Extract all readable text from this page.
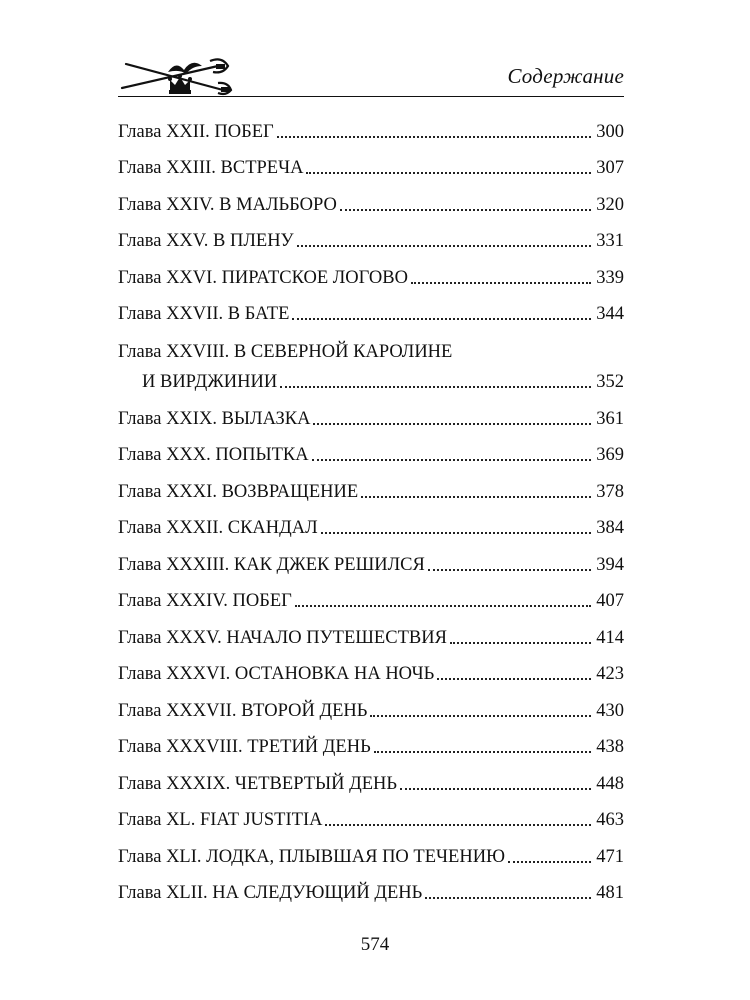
Содержание
Глава XXII. ПОБЕГ	300
Глава XXIII. ВСТРЕЧА	307
Глава XXIV. В МАЛЬБОРО	320
Глава XXV. В ПЛЕНУ	331
Глава XXVI. ПИРАТСКОЕ ЛОГОВО	339
Глава XXVII. В БАТЕ	344
Глава XXVIII. В СЕВЕРНОЙ КАРОЛИНЕ
И ВИРДЖИНИИ	352
Глава XXIX. ВЫЛАЗКА	361
Глава XXX. ПОПЫТКА	369
Глава XXXI. ВОЗВРАЩЕНИЕ	378
Глава XXXII. СКАНДАЛ	384
Глава XXXIII. КАК ДЖЕК РЕШИЛСЯ	394
Глава XXXIV. ПОБЕГ	407
Глава XXXV. НАЧАЛО ПУТЕШЕСТВИЯ	414
Глава XXXVI. ОСТАНОВКА НА НОЧЬ	423
Глава XXXVII. ВТОРОЙ ДЕНЬ	430
Глава XXXVIII. ТРЕТИЙ ДЕНЬ	438
Глава XXXIX. ЧЕТВЕРТЫЙ ДЕНЬ	448
Глава XL. FIAT JUSTITIA	463
Глава XLI. ЛОДКА, ПЛЫВШАЯ ПО ТЕЧЕНИЮ	471
Глава XLII. НА СЛЕДУЮЩИЙ ДЕНЬ	481
574
